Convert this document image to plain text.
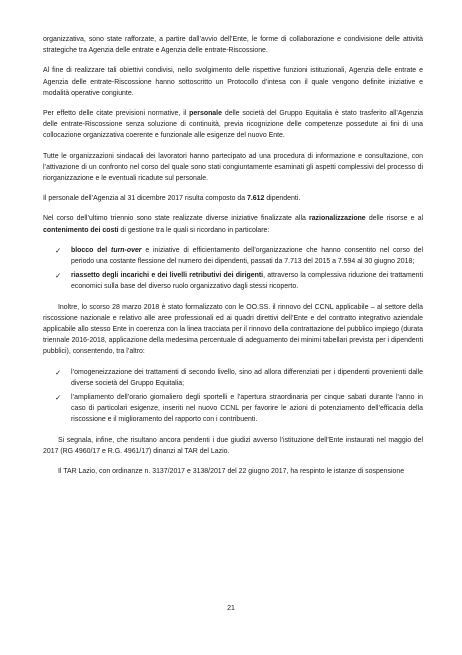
organizzativa, sono state rafforzate, a partire dall’avvio dell’Ente, le forme di collaborazione e condivisione delle attività strategiche tra Agenzia delle entrate e Agenzia delle entrate-Riscossione.

Al fine di realizzare tali obiettivi condivisi, nello svolgimento delle rispettive funzioni istituzionali, Agenzia delle entrate e Agenzia delle entrate-Riscossione hanno sottoscritto un Protocollo d’intesa con il quale vengono definite iniziative e modalità operative congiunte.

Per effetto delle citate previsioni normative, il personale delle società del Gruppo Equitalia è stato trasferito all’Agenzia delle entrate-Riscossione senza soluzione di continuità, previa ricognizione delle competenze possedute ai fini di una collocazione organizzativa coerente e funzionale alle esigenze del nuovo Ente.

Tutte le organizzazioni sindacali dei lavoratori hanno partecipato ad una procedura di informazione e consultazione, con l’attivazione di un confronto nel corso del quale sono stati congiuntamente esaminati gli aspetti complessivi del processo di riorganizzazione e le eventuali ricadute sul personale.

Il personale dell’Agenzia al 31 dicembre 2017 risulta composto da 7.612 dipendenti.

Nel corso dell’ultimo triennio sono state realizzate diverse iniziative finalizzate alla razionalizzazione delle risorse e al contenimento dei costi di gestione tra le quali si ricordano in particolare:

✓ blocco del turn-over e iniziative di efficientamento dell’organizzazione che hanno consentito nel corso del periodo una costante flessione del numero dei dipendenti, passati da 7.713 del 2015 a 7.594 al 30 giugno 2018;
✓ riassetto degli incarichi e dei livelli retributivi dei dirigenti, attraverso la complessiva riduzione dei trattamenti economici sulla base del diverso ruolo organizzativo dagli stessi ricoperto.

Inoltre, lo scorso 28 marzo 2018 è stato formalizzato con le OO.SS. il rinnovo del CCNL applicabile – al settore della riscossione nazionale e relativo alle aree professionali ed ai quadri direttivi dell’Ente e del contratto integrativo aziendale applicabile allo stesso Ente in coerenza con la linea tracciata per il rinnovo della contrattazione del pubblico impiego (durata triennale 2016-2018, applicazione della medesima percentuale di adeguamento dei minimi tabellari prevista per i dipendenti pubblici), consentendo, tra l’altro:

✓ l’omogeneizzazione dei trattamenti di secondo livello, sino ad allora differenziati per i dipendenti provenienti dalle diverse società del Gruppo Equitalia;
✓ l’ampliamento dell’orario giornaliero degli sportelli e l’apertura straordinaria per cinque sabati durante l’anno in caso di particolari esigenze, inseriti nel nuovo CCNL per favorire le azioni di potenziamento dell’efficacia della riscossione e il miglioramento del rapporto con i contribuenti.

Si segnala, infine, che risultano ancora pendenti i due giudizi avverso l’istituzione dell’Ente instaurati nel maggio del 2017 (RG 4960/17 e R.G. 4961/17) dinanzi al TAR del Lazio.

Il TAR Lazio, con ordinanze n. 3137/2017 e 3138/2017 del 22 giugno 2017, ha respinto le istanze di sospensione

21
